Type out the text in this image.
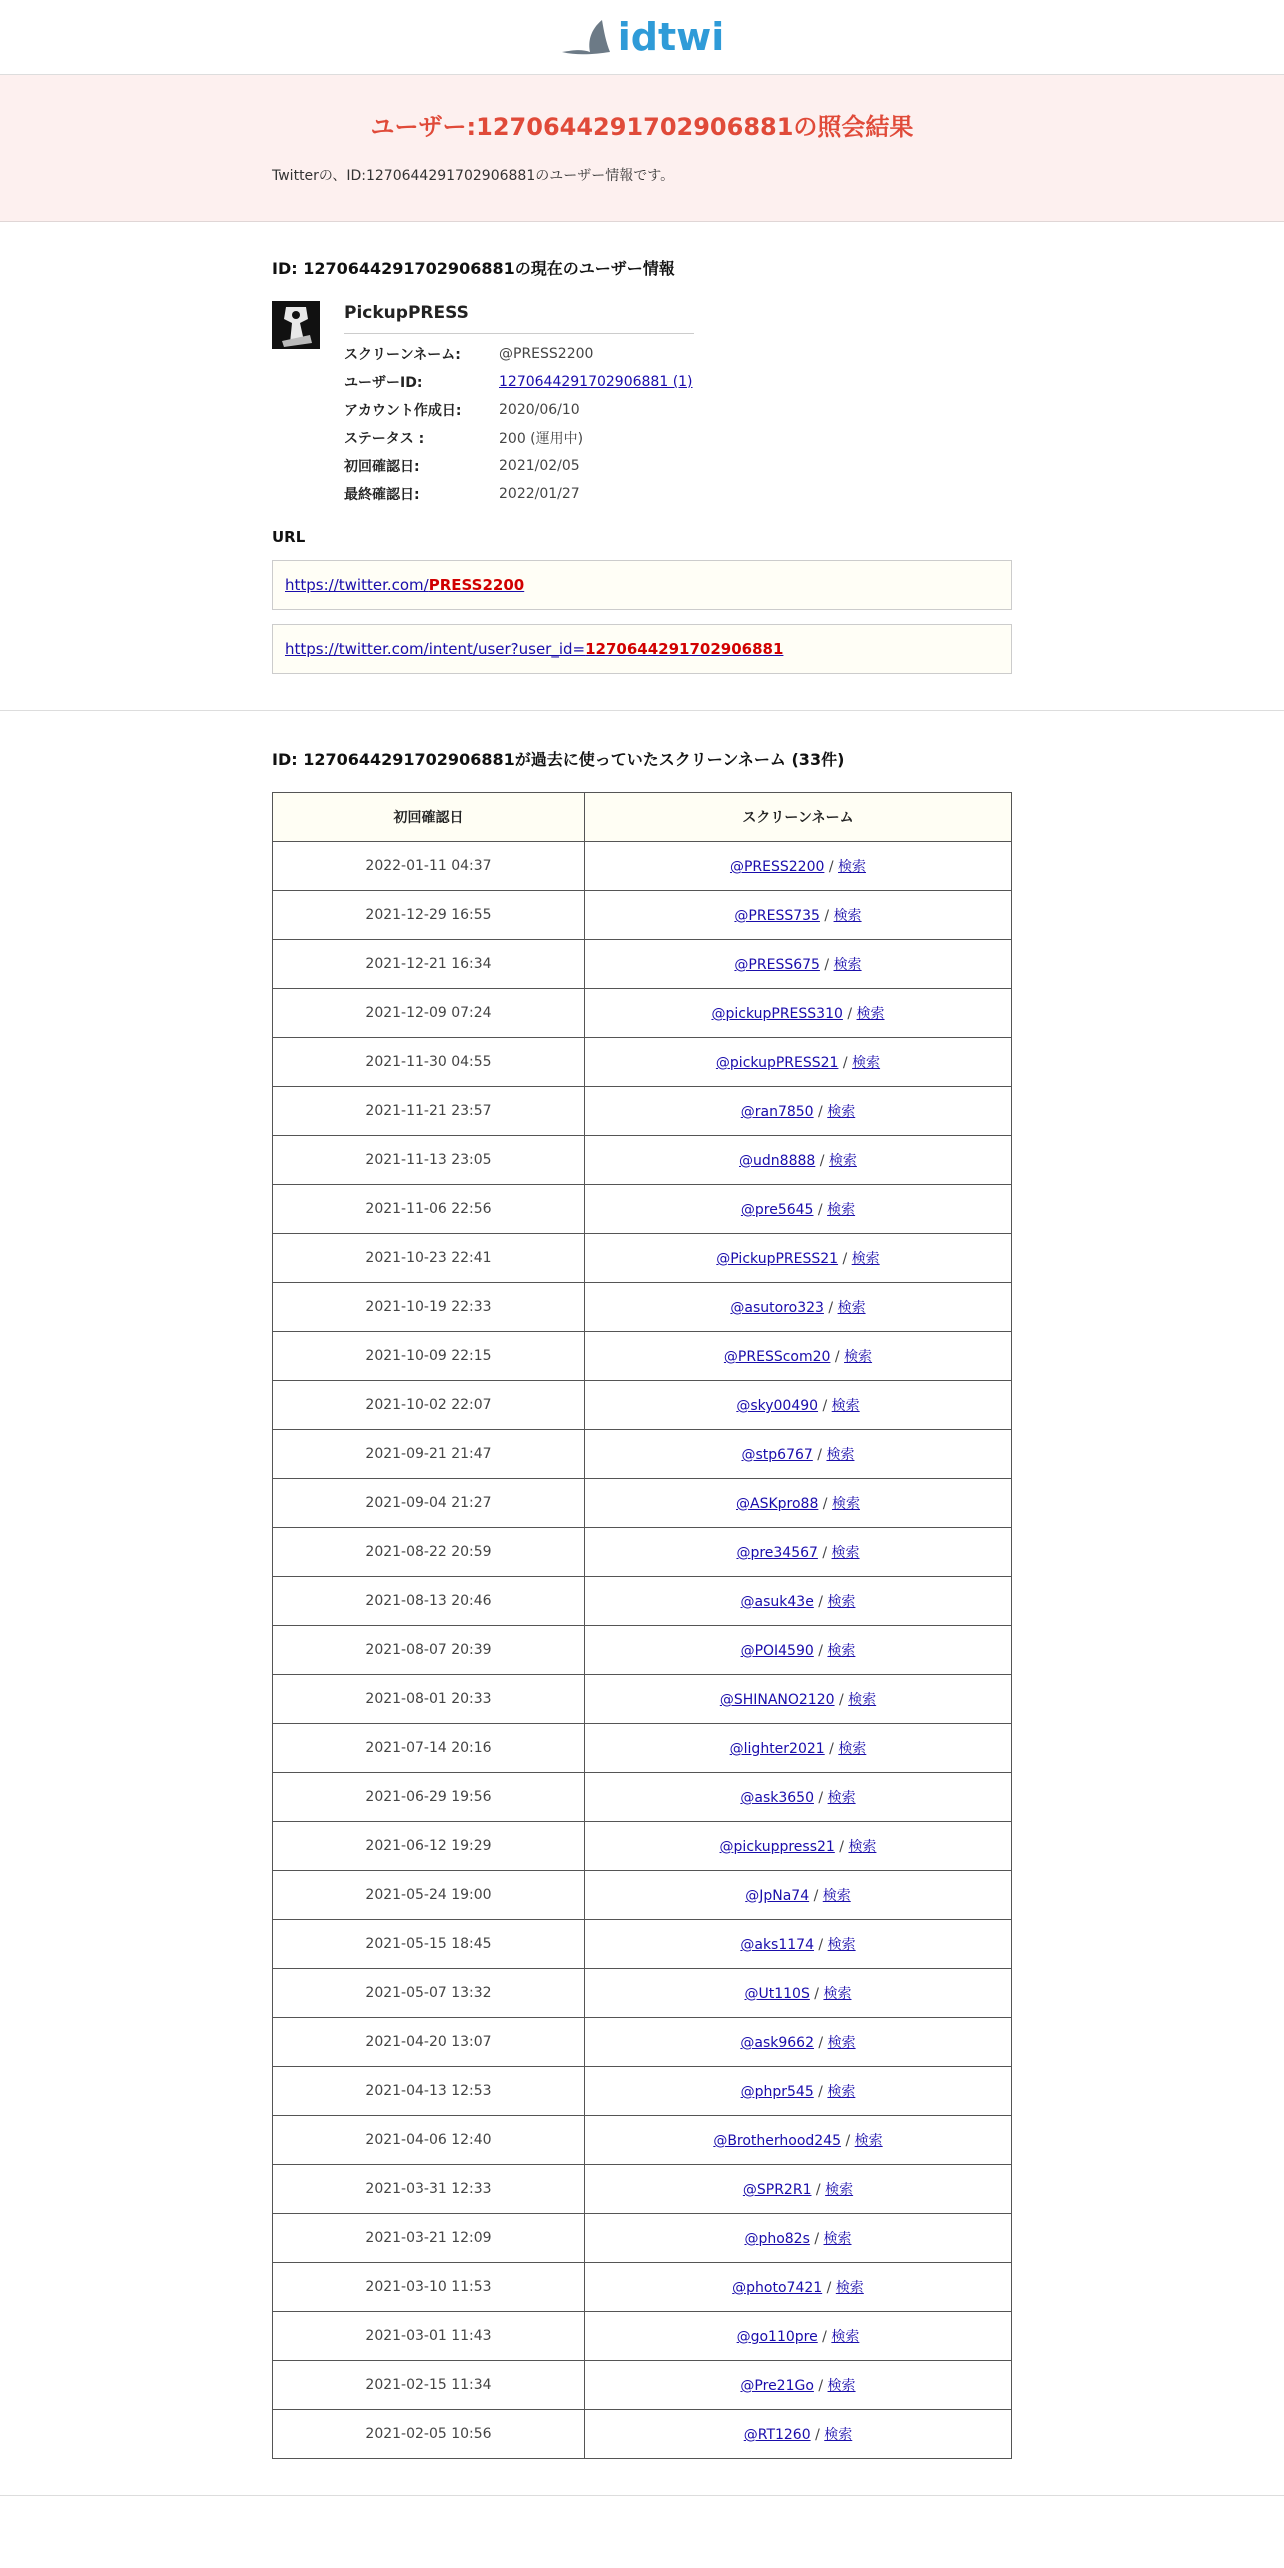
idtwi
ユーザー:1270644291702906881の照会結果

Twitterの、ID:1270644291702906881のユーザー情報です。

ID: 1270644291702906881の現在のユーザー情報
PickupPRESS
スクリーンネーム:	@PRESS2200
ユーザーID:	1270644291702906881 (1)
アカウント作成日:	2020/06/10
ステータス :	200 (運用中)
初回確認日:	2021/02/05
最終確認日:	2022/01/27
URL
https://twitter.com/PRESS2200
https://twitter.com/intent/user?user_id=1270644291702906881
ID: 1270644291702906881が過去に使っていたスクリーンネーム (33件)
初回確認日	スクリーンネーム
2022-01-11 04:37	@PRESS2200 / 検索
2021-12-29 16:55	@PRESS735 / 検索
2021-12-21 16:34	@PRESS675 / 検索
2021-12-09 07:24	@pickupPRESS310 / 検索
2021-11-30 04:55	@pickupPRESS21 / 検索
2021-11-21 23:57	@ran7850 / 検索
2021-11-13 23:05	@udn8888 / 検索
2021-11-06 22:56	@pre5645 / 検索
2021-10-23 22:41	@PickupPRESS21 / 検索
2021-10-19 22:33	@asutoro323 / 検索
2021-10-09 22:15	@PRESScom20 / 検索
2021-10-02 22:07	@sky00490 / 検索
2021-09-21 21:47	@stp6767 / 検索
2021-09-04 21:27	@ASKpro88 / 検索
2021-08-22 20:59	@pre34567 / 検索
2021-08-13 20:46	@asuk43e / 検索
2021-08-07 20:39	@POI4590 / 検索
2021-08-01 20:33	@SHINANO2120 / 検索
2021-07-14 20:16	@lighter2021 / 検索
2021-06-29 19:56	@ask3650 / 検索
2021-06-12 19:29	@pickuppress21 / 検索
2021-05-24 19:00	@JpNa74 / 検索
2021-05-15 18:45	@aks1174 / 検索
2021-05-07 13:32	@Ut110S / 検索
2021-04-20 13:07	@ask9662 / 検索
2021-04-13 12:53	@phpr545 / 検索
2021-04-06 12:40	@Brotherhood245 / 検索
2021-03-31 12:33	@SPR2R1 / 検索
2021-03-21 12:09	@pho82s / 検索
2021-03-10 11:53	@photo7421 / 検索
2021-03-01 11:43	@go110pre / 検索
2021-02-15 11:34	@Pre21Go / 検索
2021-02-05 10:56	@RT1260 / 検索
